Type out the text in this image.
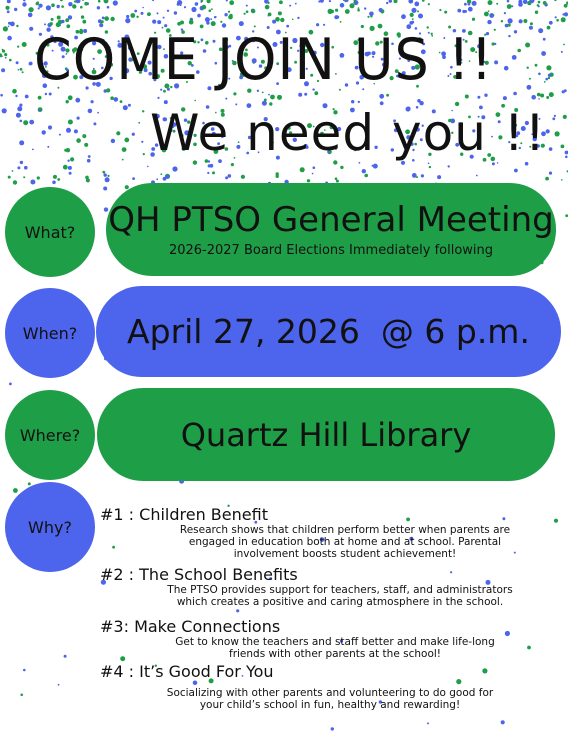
COME JOIN US !!
We need you !!
What? QH PTSO General Meeting
2026-2027 Board Elections Immediately following
When? April 27, 2026  @ 6 p.m.
Where?	Quartz Hill Library
Why?
#1 : Children Benefit
Research shows that children perform better when parents are
engaged in education both at home and at school. Parental
involvement boosts student achievement!
#2 : The School Benefits
The PTSO provides support for teachers, staff, and administrators
which creates a positive and caring atmosphere in the school.
#3: Make Connections
Get to know the teachers and staff better and make life-long
friends with other parents at the school!
#4 : It’s Good For You
Socializing with other parents and volunteering to do good for
your child’s school in fun, healthy and rewarding!
